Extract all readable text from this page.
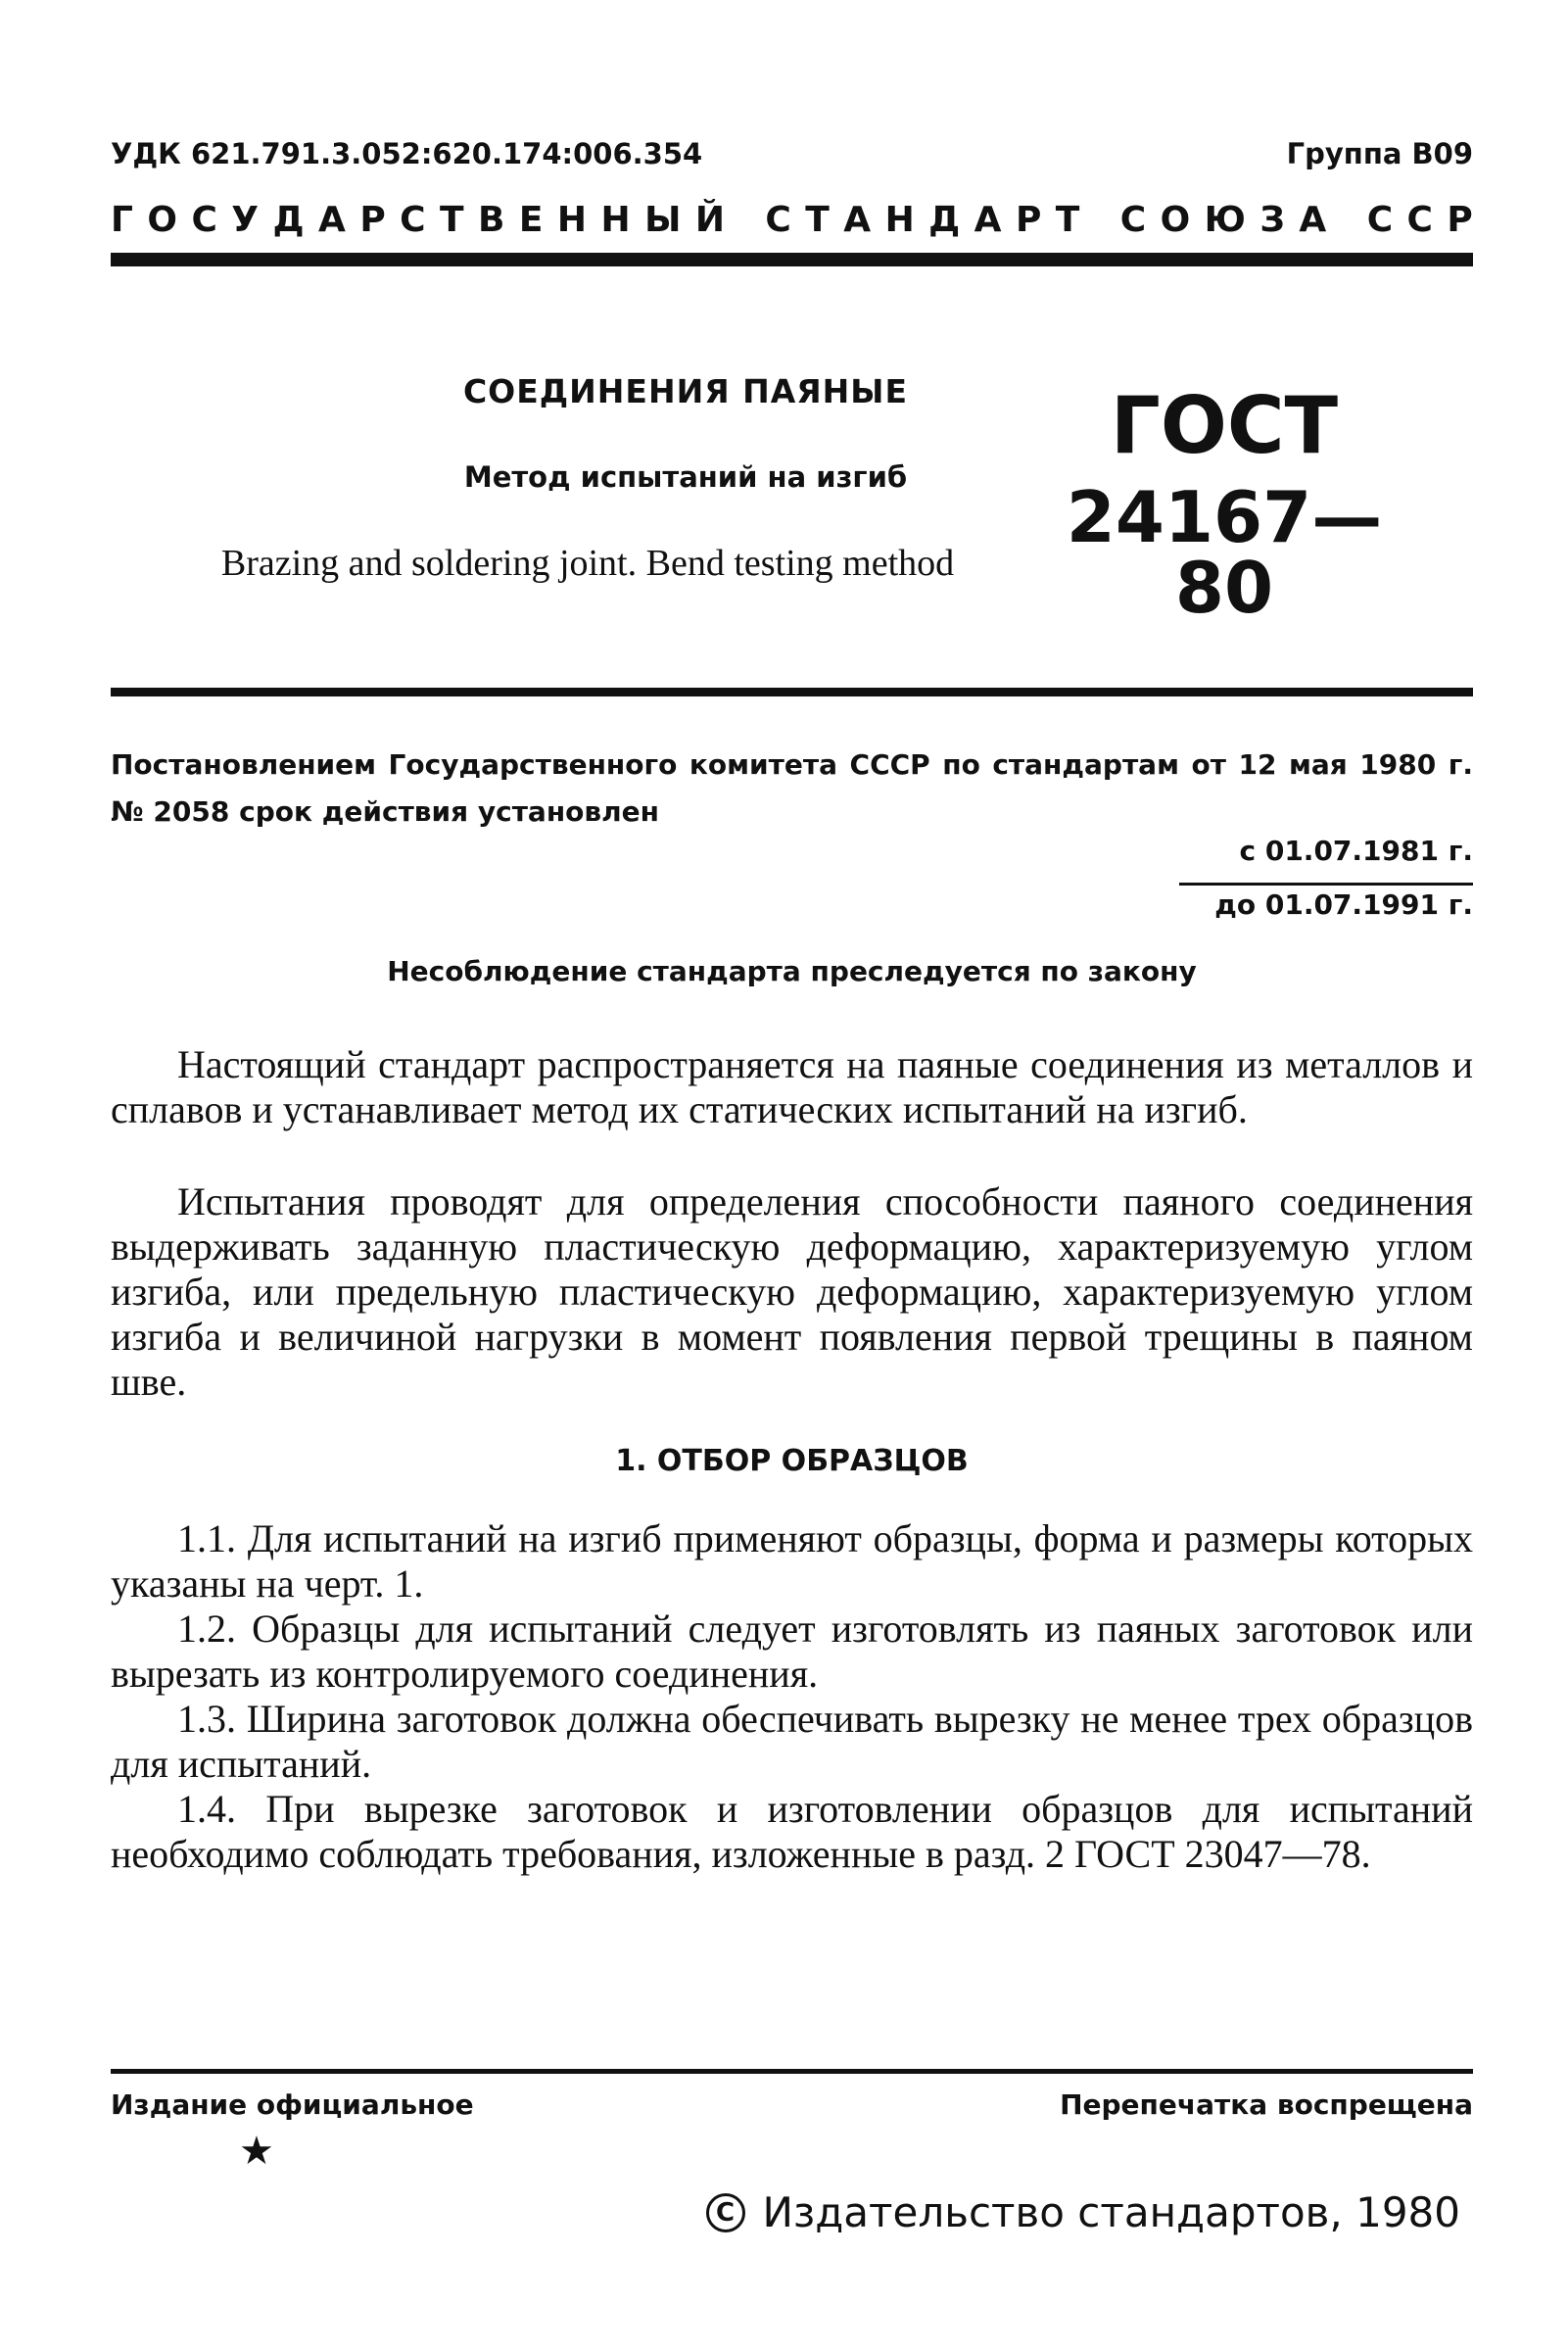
УДК 621.791.3.052:620.174:006.354	Группа В09
Г О С У Д А Р С Т В Е Н Н Ы Й
С Т А Н Д А Р Т
С О Ю З А
С С Р
СОЕДИНЕНИЯ ПАЯНЫЕ
Метод испытаний на изгиб
Brazing and soldering joint. Bend testing method
ГОСТ
24167—80
Постановлением Государственного комитета СССР по стандартам от 12 мая 1980 г. № 2058 срок действия установлен
с 01.07.1981 г.
до 01.07.1991 г.
Несоблюдение стандарта преследуется по закону

Настоящий стандарт распространяется на паяные соединения из металлов и сплавов и устанавливает метод их статических испытаний на изгиб.

Испытания проводят для определения способности паяного соединения выдерживать заданную пластическую деформацию, характеризуемую углом изгиба, или предельную пластическую деформацию, характеризуемую углом изгиба и величиной нагрузки в момент появления первой трещины в паяном шве.

1. ОТБОР ОБРАЗЦОВ

1.1. Для испытаний на изгиб применяют образцы, форма и размеры которых указаны на черт. 1.

1.2. Образцы для испытаний следует изготовлять из паяных заготовок или вырезать из контролируемого соединения.

1.3. Ширина заготовок должна обеспечивать вырезку не менее трех образцов для испытаний.

1.4. При вырезке заготовок и изготовлении образцов для испытаний необходимо соблюдать требования, изложенные в разд. 2 ГОСТ 23047—78.

Издание официальное	Перепечатка воспрещена
★
C Издательство стандартов, 1980
